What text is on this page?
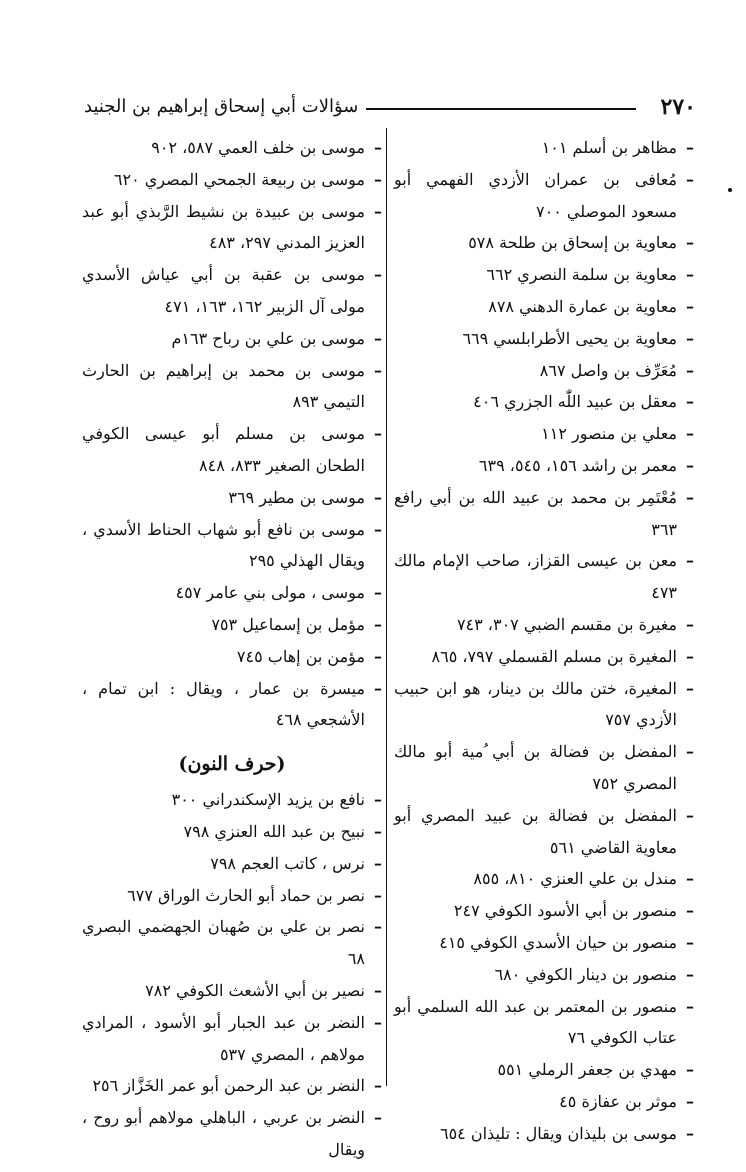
٢٧٠
سؤالات أبي إسحاق إبراهيم بن الجنيد
–
مظاهر بن أسلم ١٠١
–
مُعافى بن عمران الأزدي الفهمي أبو مسعود الموصلي ٧٠٠
–
معاوية بن إسحاق بن طلحة ٥٧٨
–
معاوية بن سلمة النصري ٦٦٢
–
معاوية بن عمارة الدهني ٨٧٨
–
معاوية بن يحيى الأطرابلسي ٦٦٩
–
مُعَرِّف بن واصل ٨٦٧
–
معقل بن عبيد اللّٰه الجزري ٤٠٦
–
معلي بن منصور ١١٢
–
معمر بن راشد ١٥٦، ٥٤٥، ٦٣٩
–
مُعْتَمِر بن محمد بن عبيد الله بن أبي رافع ٣٦٣
–
معن بن عيسى القزاز، صاحب الإمام مالك ٤٧٣
–
مغيرة بن مقسم الضبي ٣٠٧، ٧٤٣
–
المغيرة بن مسلم القسملي ٧٩٧، ٨٦٥
–
المغيرة، ختن مالك بن دينار، هو ابن حبيب الأزدي ٧٥٧
–
المفضل بن فضالة بن أبي ُمية أبو مالك المصري ٧٥٢
–
المفضل بن فضالة بن عبيد المصري أبو معاوية القاضي ٥٦١
–
مندل بن علي العنزي ٨١٠، ٨٥٥
–
منصور بن أبي الأسود الكوفي ٢٤٧
–
منصور بن حيان الأسدي الكوفي ٤١٥
–
منصور بن دينار الكوفي ٦٨٠
–
منصور بن المعتمر بن عبد الله السلمي أبو عتاب الكوفي ٧٦
–
مهدي بن جعفر الرملي ٥٥١
–
موثر بن عفازة ٤٥
–
موسى بن بليذان ويقال : تليذان ٦٥٤
–
موسى بن خلف العمي ٥٨٧، ٩٠٢
–
موسى بن ربيعة الجمحي المصري ٦٢٠
–
موسى بن عبيدة بن نشيط الرَّبذي أبو عبد العزيز المدني ٢٩٧، ٤٨٣
–
موسى بن عقبة بن أبي عياش الأسدي مولى آل الزبير ١٦٢، ١٦٣، ٤٧١
–
موسى بن علي بن رباح ١٦٣م
–
موسى بن محمد بن إبراهيم بن الحارث التيمي ٨٩٣
–
موسى بن مسلم أبو عيسى الكوفي الطحان الصغير ٨٣٣، ٨٤٨
–
موسى بن مطير ٣٦٩
–
موسى بن نافع أبو شهاب الحناط الأسدي ، ويقال الهذلي ٢٩٥
–
موسى ، مولى بني عامر ٤٥٧
–
مؤمل بن إسماعيل ٧٥٣
–
مؤمن بن إهاب ٧٤٥
–
ميسرة بن عمار ، ويقال : ابن تمام ، الأشجعي ٤٦٨
(حرف النون)
–
نافع بن يزيد الإسكندراني ٣٠٠
–
نبيح بن عبد الله العنزي ٧٩٨
–
نرس ، كاتب العجم ٧٩٨
–
نصر بن حماد أبو الحارث الوراق ٦٧٧
–
نصر بن علي بن صُهبان الجهضمي البصري ٦٨
–
نصير بن أبي الأشعث الكوفي ٧٨٢
–
النضر بن عبد الجبار أبو الأسود ، المرادي مولاهم ، المصري ٥٣٧
–
النضر بن عبد الرحمن أبو عمر الخَزَّاز ٢٥٦
–
النضر بن عربي ، الباهلي مولاهم أبو روح ، ويقال
